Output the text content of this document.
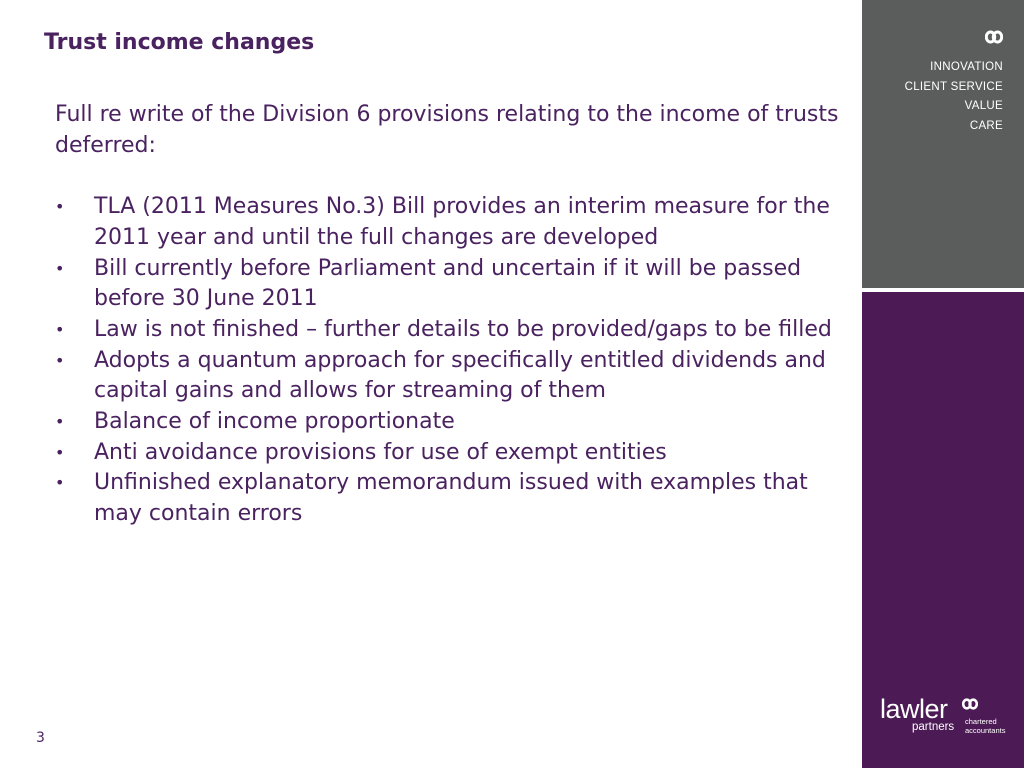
Trust income changes

Full re write of the Division 6 provisions relating to the income of trusts deferred:

• TLA (2011 Measures No.3) Bill provides an interim measure for the 2011 year and until the full changes are developed
• Bill currently before Parliament and uncertain if it will be passed before 30 June 2011
• Law is not finished – further details to be provided/gaps to be filled
• Adopts a quantum approach for specifically entitled dividends and capital gains and allows for streaming of them
• Balance of income proportionate
• Anti avoidance provisions for use of exempt entities
• Unfinished explanatory memorandum issued with examples that may contain errors
3
INNOVATION
CLIENT SERVICE
VALUE
CARE
lawler
partners chartered
accountants
